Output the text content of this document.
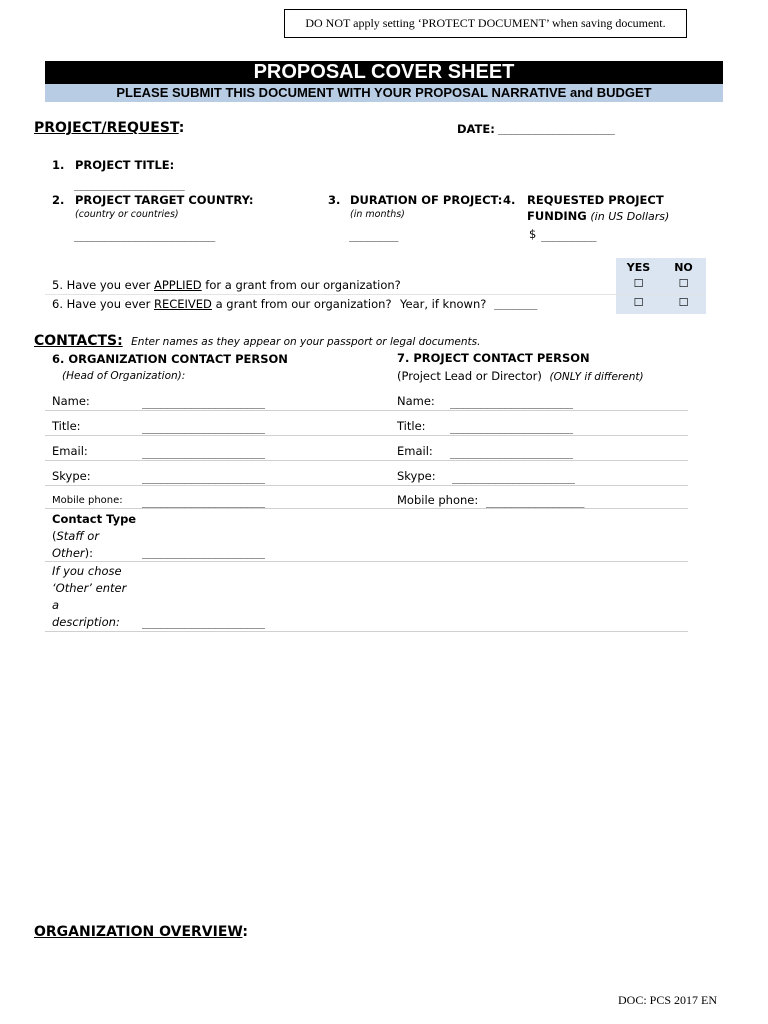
DO NOT apply setting ‘PROTECT DOCUMENT’ when saving document.
PROPOSAL COVER SHEET
PLEASE SUBMIT THIS DOCUMENT WITH YOUR PROPOSAL NARRATIVE and BUDGET
PROJECT/REQUEST:	DATE: ___________________
1. PROJECT TITLE:
__________________
2. PROJECT TARGET COUNTRY:
(country or countries)
_______________________
3. DURATION OF PROJECT:
(in months)
________
4. REQUESTED PROJECT
FUNDING (in US Dollars)
$ _________
YES	NO
☐	☐
☐	☐
5. Have you ever APPLIED for a grant from our organization?
6. Have you ever RECEIVED a grant from our organization? Year, if known? _______
CONTACTS: Enter names as they appear on your passport or legal documents.
6. ORGANIZATION CONTACT PERSON
(Head of Organization):
7. PROJECT CONTACT PERSON
(Project Lead or Director) (ONLY if different)
Name:	____________________	Name: ____________________
Title:	____________________	Title: ____________________
Email:	____________________	Email: ____________________
Skype:	____________________	Skype: ____________________
Mobile phone: ____________________	Mobile phone: ________________
Contact Type
(Staff or
Other):	____________________
If you chose
‘Other’ enter
a
description:	____________________
ORGANIZATION OVERVIEW:
DOC: PCS 2017 EN
